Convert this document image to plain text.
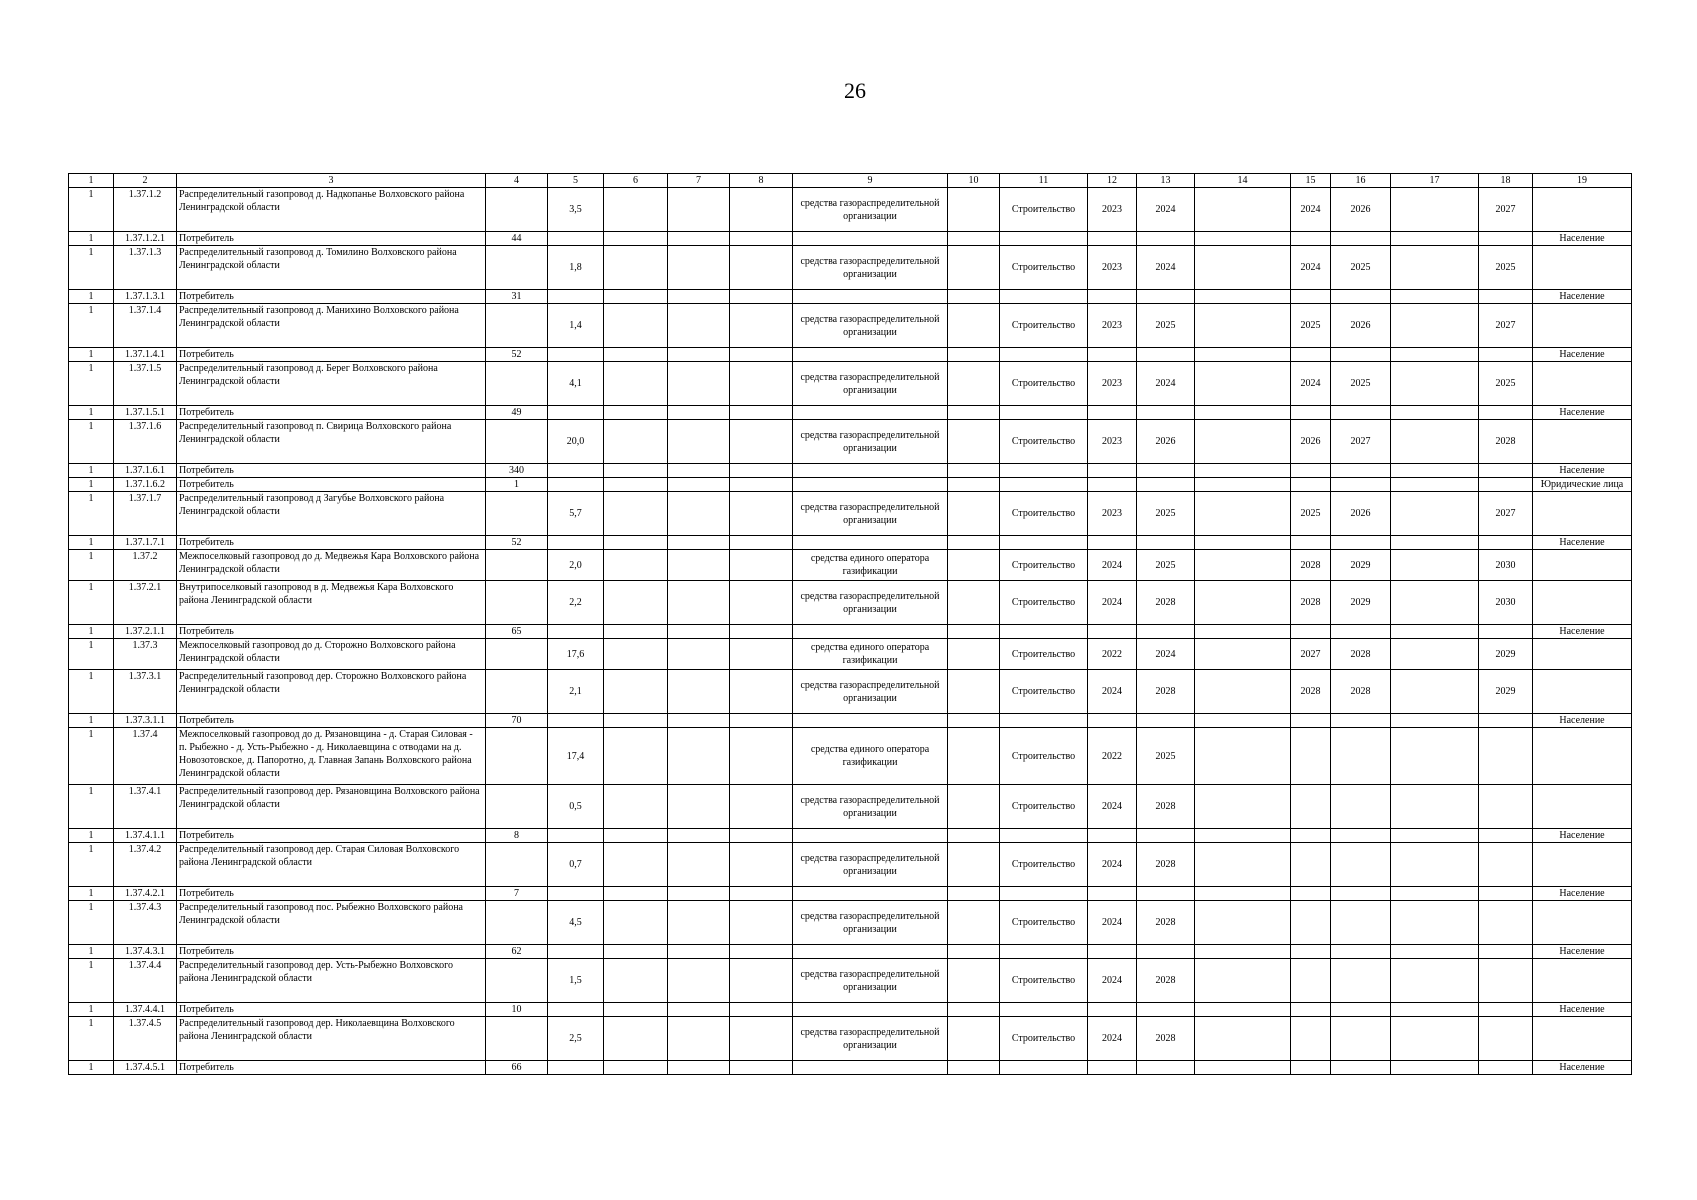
26
1	2	3	4	5	6	7	8	9	10	11	12	13	14	15	16	17	18	19
1	1.37.1.2	Распределительный газопровод д. Надкопанье Волховского района Ленинградской области		3,5				средства газораспределительной организации		Строительство	2023	2024		2024	2026		2027	
1	1.37.1.2.1	Потребитель	44															Население
1	1.37.1.3	Распределительный газопровод д. Томилино Волховского района Ленинградской области		1,8				средства газораспределительной организации		Строительство	2023	2024		2024	2025		2025	
1	1.37.1.3.1	Потребитель	31															Население
1	1.37.1.4	Распределительный газопровод д. Манихино Волховского района Ленинградской области		1,4				средства газораспределительной организации		Строительство	2023	2025		2025	2026		2027	
1	1.37.1.4.1	Потребитель	52															Население
1	1.37.1.5	Распределительный газопровод д. Берег Волховского района Ленинградской области		4,1				средства газораспределительной организации		Строительство	2023	2024		2024	2025		2025	
1	1.37.1.5.1	Потребитель	49															Население
1	1.37.1.6	Распределительный газопровод п. Свирица Волховского района Ленинградской области		20,0				средства газораспределительной организации		Строительство	2023	2026		2026	2027		2028	
1	1.37.1.6.1	Потребитель	340															Население
1	1.37.1.6.2	Потребитель	1															Юридические лица
1	1.37.1.7	Распределительный газопровод д Загубье Волховского района Ленинградской области		5,7				средства газораспределительной организации		Строительство	2023	2025		2025	2026		2027	
1	1.37.1.7.1	Потребитель	52															Население
1	1.37.2	Межпоселковый газопровод до д. Медвежья Кара Волховского района Ленинградской области		2,0				средства единого оператора газификации		Строительство	2024	2025		2028	2029		2030	
1	1.37.2.1	Внутрипоселковый газопровод в д. Медвежья Кара Волховского района Ленинградской области		2,2				средства газораспределительной организации		Строительство	2024	2028		2028	2029		2030	
1	1.37.2.1.1	Потребитель	65															Население
1	1.37.3	Межпоселковый газопровод до д. Сторожно Волховского района Ленинградской области		17,6				средства единого оператора газификации		Строительство	2022	2024		2027	2028		2029	
1	1.37.3.1	Распределительный газопровод дер. Сторожно Волховского района Ленинградской области		2,1				средства газораспределительной организации		Строительство	2024	2028		2028	2028		2029	
1	1.37.3.1.1	Потребитель	70															Население
1	1.37.4	Межпоселковый газопровод до д. Рязановщина - д. Старая Силовая - п. Рыбежно - д. Усть-Рыбежно - д. Николаевщина с отводами на д. Новозотовское, д. Папоротно, д. Главная Запань Волховского района Ленинградской области		17,4				средства единого оператора газификации		Строительство	2022	2025						
1	1.37.4.1	Распределительный газопровод дер. Рязановщина Волховского района Ленинградской области		0,5				средства газораспределительной организации		Строительство	2024	2028						
1	1.37.4.1.1	Потребитель	8															Население
1	1.37.4.2	Распределительный газопровод дер. Старая Силовая Волховского района Ленинградской области		0,7				средства газораспределительной организации		Строительство	2024	2028						
1	1.37.4.2.1	Потребитель	7															Население
1	1.37.4.3	Распределительный газопровод пос. Рыбежно Волховского района Ленинградской области		4,5				средства газораспределительной организации		Строительство	2024	2028						
1	1.37.4.3.1	Потребитель	62															Население
1	1.37.4.4	Распределительный газопровод дер. Усть-Рыбежно Волховского района Ленинградской области		1,5				средства газораспределительной организации		Строительство	2024	2028						
1	1.37.4.4.1	Потребитель	10															Население
1	1.37.4.5	Распределительный газопровод дер. Николаевщина Волховского района Ленинградской области		2,5				средства газораспределительной организации		Строительство	2024	2028						
1	1.37.4.5.1	Потребитель	66															Население
